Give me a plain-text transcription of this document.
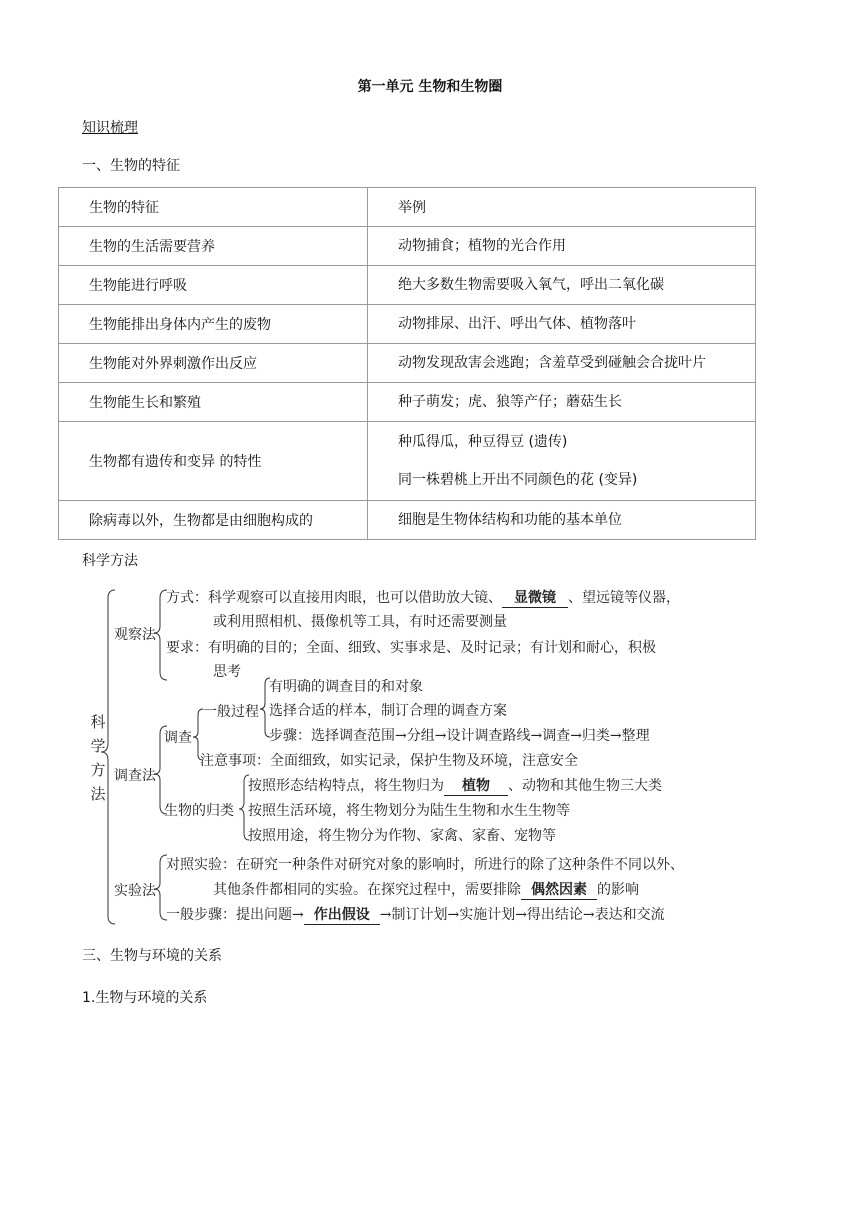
第一单元 生物和生物圈
知识梳理
一、生物的特征
生物的特征	举例
生物的生活需要营养	动物捕食；植物的光合作用

生物能进行呼吸	绝大多数生物需要吸入氧气，呼出二氧化碳

生物能排出身体内产生的废物	动物排尿、出汗、呼出气体、植物落叶

生物能对外界刺激作出反应	动物发现敌害会逃跑；含羞草受到碰触会合拢叶片

生物能生长和繁殖	种子萌发；虎、狼等产仔；蘑菇生长

生物都有遗传和变异 的特性	种瓜得瓜，种豆得豆 (遗传)
同一株碧桃上开出不同颜色的花 (变异)

除病毒以外，生物都是由细胞构成的	细胞是生物体结构和功能的基本单位
科学方法
科学方法
观察法
方式：科学观察可以直接用肉眼，也可以借助放大镜、 显微镜 、望远镜等仪器，
或利用照相机、摄像机等工具，有时还需要测量
要求：有明确的目的；全面、细致、实事求是、及时记录；有计划和耐心，积极
思考
调查法
调查
一般过程
有明确的调查目的和对象
选择合适的样本，制订合理的调查方案
步骤：选择调查范围→分组→设计调查路线→调查→归类→整理
注意事项：全面细致，如实记录，保护生物及环境，注意安全
生物的归类
按照形态结构特点，将生物归为 植物 、动物和其他生物三大类
按照生活环境，将生物划分为陆生生物和水生生物等
按照用途，将生物分为作物、家禽、家畜、宠物等
实验法
对照实验：在研究一种条件对研究对象的影响时，所进行的除了这种条件不同以外、
其他条件都相同的实验。在探究过程中，需要排除 偶然因素 的影响
一般步骤：提出问题→ 作出假设 →制订计划→实施计划→得出结论→表达和交流
三、生物与环境的关系
1.生物与环境的关系
